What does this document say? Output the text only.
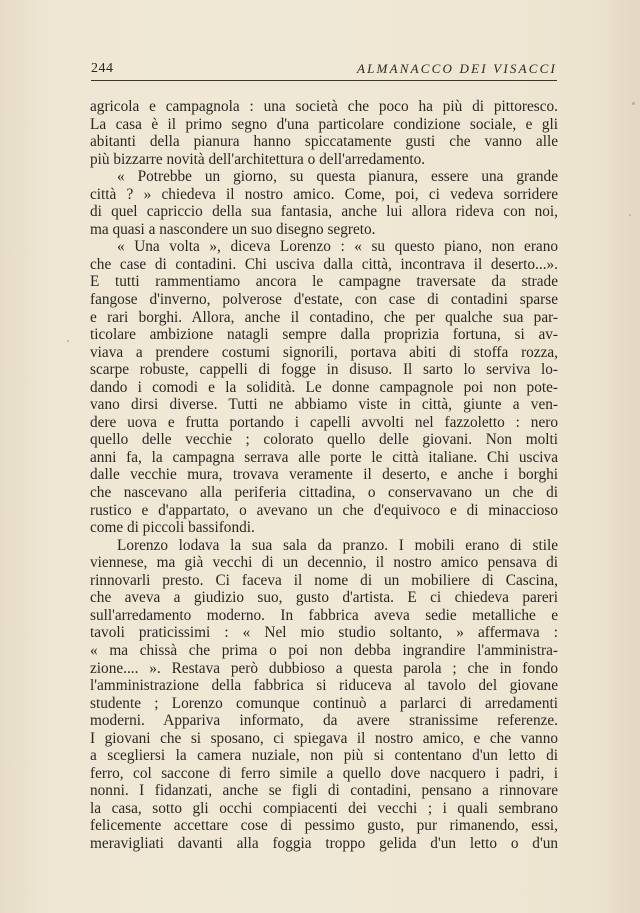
244	ALMANACCO DEI VISACCI
agricola e campagnola : una società che poco ha più di pittoresco.
La casa è il primo segno d'una particolare condizione sociale, e gli
abitanti della pianura hanno spiccatamente gusti che vanno alle
più bizzarre novità dell'architettura o dell'arredamento.
« Potrebbe un giorno, su questa pianura, essere una grande
città ? » chiedeva il nostro amico. Come, poi, ci vedeva sorridere
di quel capriccio della sua fantasia, anche lui allora rideva con noi,
ma quasi a nascondere un suo disegno segreto.
« Una volta », diceva Lorenzo : « su questo piano, non erano
che case di contadini. Chi usciva dalla città, incontrava il deserto...».
E tutti rammentiamo ancora le campagne traversate da strade
fangose d'inverno, polverose d'estate, con case di contadini sparse
e rari borghi. Allora, anche il contadino, che per qualche sua par-
ticolare ambizione natagli sempre dalla proprizia fortuna, si av-
viava a prendere costumi signorili, portava abiti di stoffa rozza,
scarpe robuste, cappelli di fogge in disuso. Il sarto lo serviva lo-
dando i comodi e la solidità. Le donne campagnole poi non pote-
vano dirsi diverse. Tutti ne abbiamo viste in città, giunte a ven-
dere uova e frutta portando i capelli avvolti nel fazzoletto : nero
quello delle vecchie ; colorato quello delle giovani. Non molti
anni fa, la campagna serrava alle porte le città italiane. Chi usciva
dalle vecchie mura, trovava veramente il deserto, e anche i borghi
che nascevano alla periferia cittadina, o conservavano un che di
rustico e d'appartato, o avevano un che d'equivoco e di minaccioso
come di piccoli bassifondi.
Lorenzo lodava la sua sala da pranzo. I mobili erano di stile
viennese, ma già vecchi di un decennio, il nostro amico pensava di
rinnovarli presto. Ci faceva il nome di un mobiliere di Cascina,
che aveva a giudizio suo, gusto d'artista. E ci chiedeva pareri
sull'arredamento moderno. In fabbrica aveva sedie metalliche e
tavoli praticissimi : « Nel mio studio soltanto, » affermava :
« ma chissà che prima o poi non debba ingrandire l'amministra-
zione.... ». Restava però dubbioso a questa parola ; che in fondo
l'amministrazione della fabbrica si riduceva al tavolo del giovane
studente ; Lorenzo comunque continuò a parlarci di arredamenti
moderni. Appariva informato, da avere stranissime referenze.
I giovani che si sposano, ci spiegava il nostro amico, e che vanno
a scegliersi la camera nuziale, non più si contentano d'un letto di
ferro, col saccone di ferro simile a quello dove nacquero i padri, i
nonni. I fidanzati, anche se figli di contadini, pensano a rinnovare
la casa, sotto gli occhi compiacenti dei vecchi ; i quali sembrano
felicemente accettare cose di pessimo gusto, pur rimanendo, essi,
meravigliati davanti alla foggia troppo gelida d'un letto o d'un
